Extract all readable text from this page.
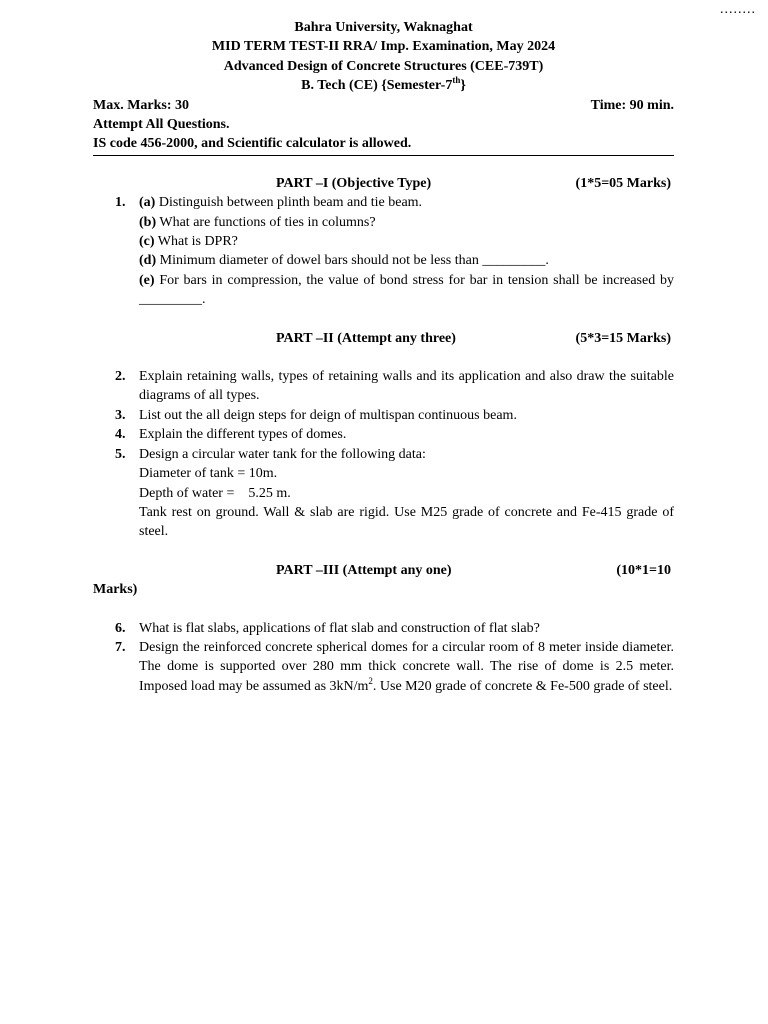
........
Bahra University, Waknaghat
MID TERM TEST-II RRA/ Imp. Examination, May 2024
Advanced Design of Concrete Structures (CEE-739T)
B. Tech (CE) {Semester-7th}
Max. Marks: 30	Time: 90 min.
Attempt All Questions.
IS code 456-2000, and Scientific calculator is allowed.
PART –I (Objective Type)	(1*5=05 Marks)
1. (a) Distinguish between plinth beam and tie beam.
(b) What are functions of ties in columns?
(c) What is DPR?
(d) Minimum diameter of dowel bars should not be less than _________.
(e) For bars in compression, the value of bond stress for bar in tension shall be increased by _________.
PART –II (Attempt any three)	(5*3=15 Marks)
2. Explain retaining walls, types of retaining walls and its application and also draw the suitable diagrams of all types.
3. List out the all deign steps for deign of multispan continuous beam.
4. Explain the different types of domes.
5. Design a circular water tank for the following data:
Diameter of tank = 10m.
Depth of water =    5.25 m.
Tank rest on ground. Wall & slab are rigid. Use M25 grade of concrete and Fe-415 grade of steel.
PART –III (Attempt any one)	(10*1=10
Marks)
6. What is flat slabs, applications of flat slab and construction of flat slab?
7. Design the reinforced concrete spherical domes for a circular room of 8 meter inside diameter. The dome is supported over 280 mm thick concrete wall. The rise of dome is 2.5 meter. Imposed load may be assumed as $3kN/m^2$. Use M20 grade of concrete & Fe-500 grade of steel.
